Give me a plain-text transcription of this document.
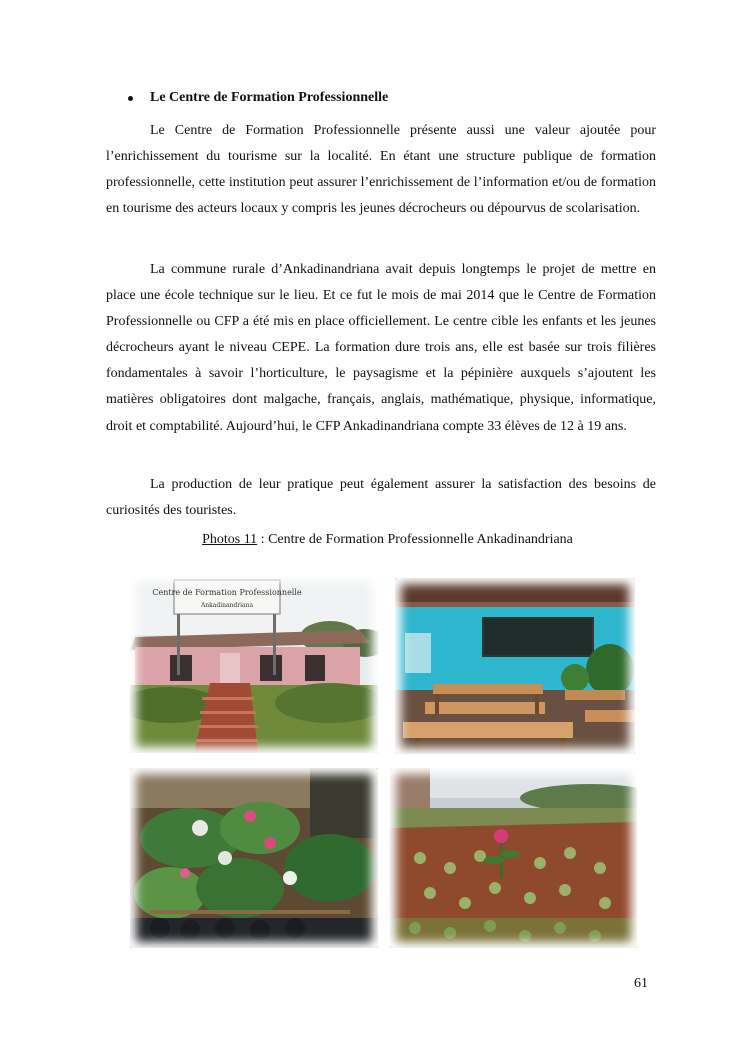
Le Centre de Formation Professionnelle

Le Centre de Formation Professionnelle présente aussi une valeur ajoutée pour l’enrichissement du tourisme sur la localité. En étant une structure publique de formation professionnelle, cette institution peut assurer l’enrichissement de l’information et/ou de formation en tourisme des acteurs locaux y compris les jeunes décrocheurs ou dépourvus de scolarisation.

La commune rurale d’Ankadinandriana avait depuis longtemps le projet de mettre en place une école technique sur le lieu. Et ce fut le mois de mai 2014 que le Centre de Formation Professionnelle ou CFP a été mis en place officiellement. Le centre cible les enfants et les jeunes décrocheurs ayant le niveau CEPE. La formation dure trois ans, elle est basée sur trois filières fondamentales à savoir l’horticulture, le paysagisme et la pépinière auxquels s’ajoutent les matières obligatoires dont malgache, français, anglais, mathématique, physique, informatique, droit et comptabilité. Aujourd’hui, le CFP Ankadinandriana compte 33 élèves de 12 à 19 ans.

La production de leur pratique peut également assurer la satisfaction des besoins de curiosités des touristes.

Photos 11 : Centre de Formation Professionnelle Ankadinandriana
Centre de Formation Professionnelle
Ankadinandriana
61
